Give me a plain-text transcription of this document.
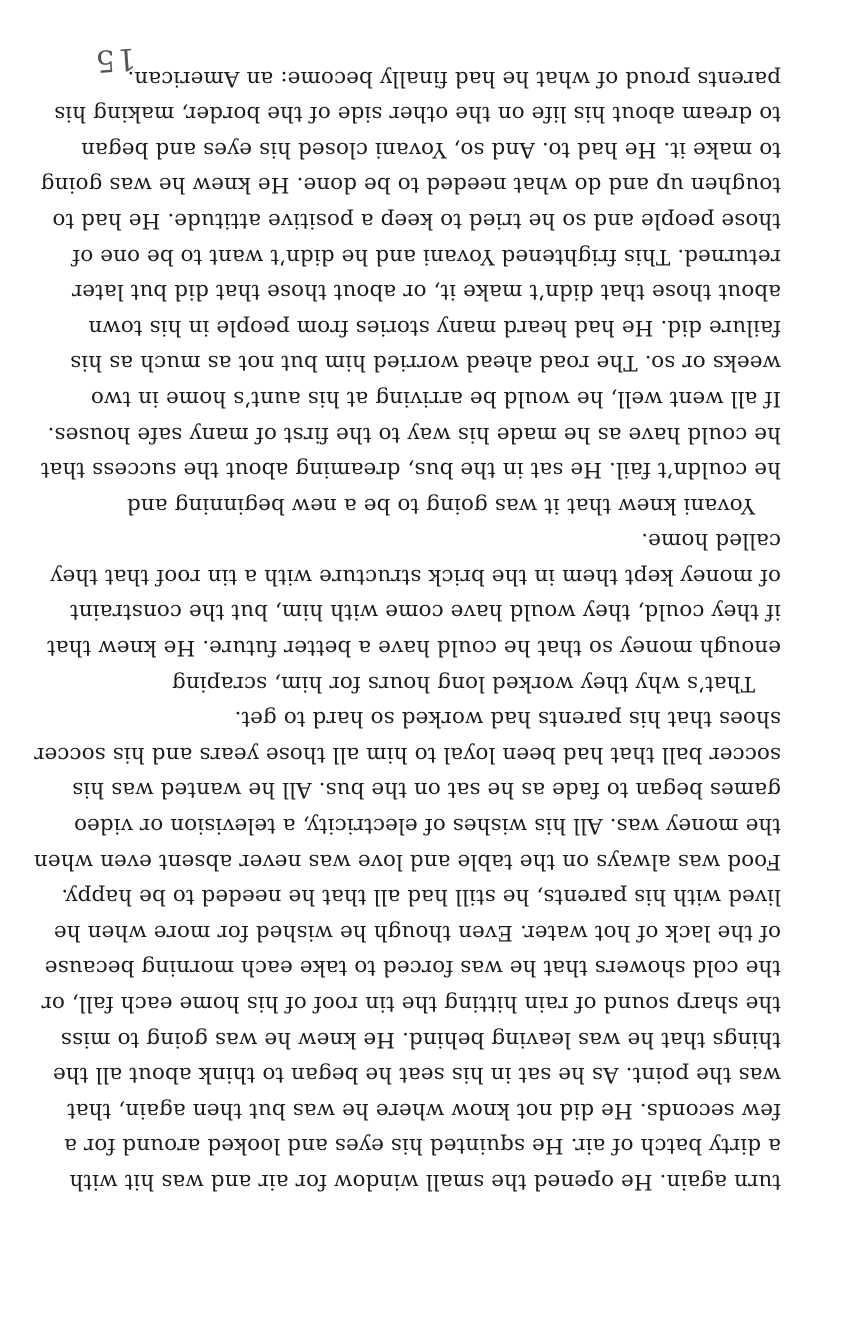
turn again. He opened the small window for air and was hit with
a dirty batch of air. He squinted his eyes and looked around for a
few seconds. He did not know where he was but then again, that
was the point. As he sat in his seat he began to think about all the
things that he was leaving behind. He knew he was going to miss
the sharp sound of rain hitting the tin roof of his home each fall, or
the cold showers that he was forced to take each morning because
of the lack of hot water. Even though he wished for more when he
lived with his parents, he still had all that he needed to be happy.
Food was always on the table and love was never absent even when
the money was. All his wishes of electricity, a television or video
games began to fade as he sat on the bus. All he wanted was his
soccer ball that had been loyal to him all those years and his soccer
shoes that his parents had worked so hard to get.
That’s why they worked long hours for him, scraping
enough money so that he could have a better future. He knew that
if they could, they would have come with him, but the constraint
of money kept them in the brick structure with a tin roof that they
called home.
Yovani knew that it was going to be a new beginning and
he couldn’t fail. He sat in the bus, dreaming about the success that
he could have as he made his way to the first of many safe houses.
If all went well, he would be arriving at his aunt’s home in two
weeks or so. The road ahead worried him but not as much as his
failure did. He had heard many stories from people in his town
about those that didn’t make it, or about those that did but later
returned. This frightened Yovani and he didn’t want to be one of
those people and so he tried to keep a positive attitude. He had to
toughen up and do what needed to be done. He knew he was going
to make it. He had to. And so, Yovani closed his eyes and began
to dream about his life on the other side of the border, making his
parents proud of what he had finally become: an American.
15
